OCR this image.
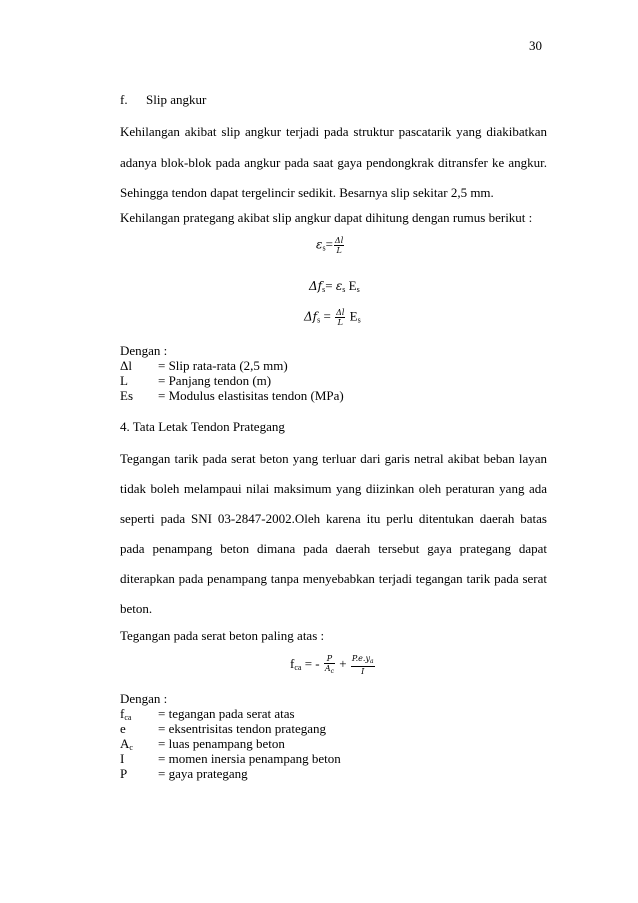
30
f. Slip angkur
Kehilangan akibat slip angkur terjadi pada struktur pascatarik yang diakibatkan
adanya blok-blok pada angkur pada saat gaya pendongkrak ditransfer ke angkur.
Sehingga tendon dapat tergelincir sedikit. Besarnya slip sekitar 2,5 mm.
Kehilangan prategang akibat slip angkur dapat dihitung dengan rumus berikut :
$\varepsilon_s= \frac{\Delta l}{L}$
$\Delta f_s= \varepsilon_s$ $E_s$
$\Delta f_s = \frac{\Delta l}{L} E_s$
Dengan :
Δl = Slip rata-rata (2,5 mm)
L = Panjang tendon (m)
Es = Modulus elastisitas tendon (MPa)
4. Tata Letak Tendon Prategang
Tegangan tarik pada serat beton yang terluar dari garis netral akibat beban layan
tidak boleh melampaui nilai maksimum yang diizinkan oleh peraturan yang ada
seperti pada SNI 03-2847-2002.Oleh karena itu perlu ditentukan daerah batas
pada penampang beton dimana pada daerah tersebut gaya prategang dapat
diterapkan pada penampang tanpa menyebabkan terjadi tegangan tarik pada serat
beton.
Tegangan pada serat beton paling atas :
$f_{ca}$ = - $\frac{P}{A_c} + \frac{P.e.y_a}{I}$
Dengan :
$f_{ca}$ = tegangan pada serat atas
e = eksentrisitas tendon prategang
$A_c$ = luas penampang beton
I	= momen inersia penampang beton
P = gaya prategang
